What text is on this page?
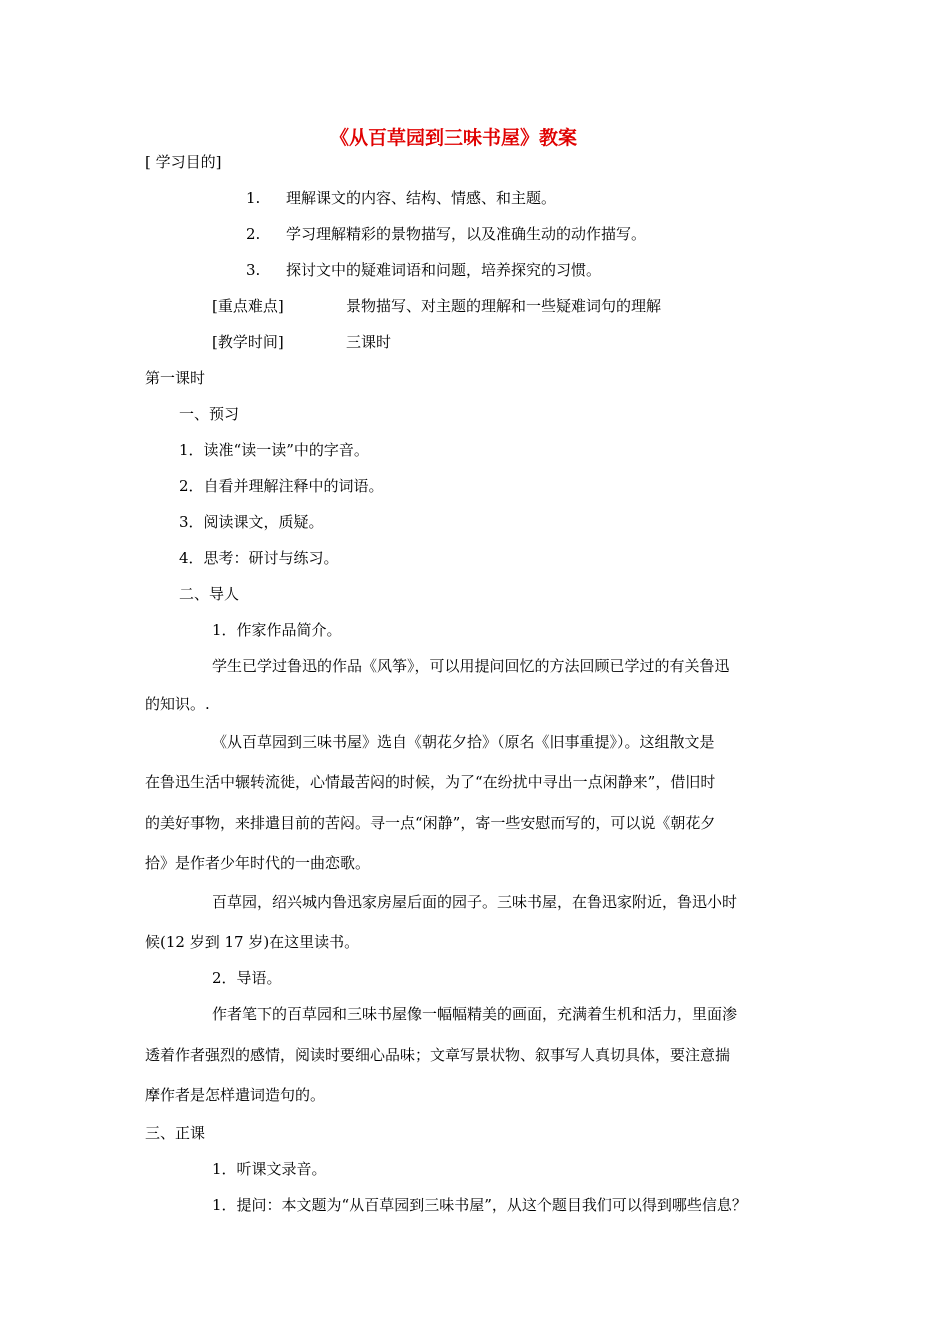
《从百草园到三味书屋》教案
[ 学习目的]
1. 理解课文的内容、结构、情感、和主题。
2. 学习理解精彩的景物描写，以及准确生动的动作描写。
3. 探讨文中的疑难词语和问题，培养探究的习惯。
[重点难点]	景物描写、对主题的理解和一些疑难词句的理解
[教学时间]	三课时
第一课时
一、预习
1．读准“读一读”中的字音。
2．自看并理解注释中的词语。
3．阅读课文，质疑。
4．思考：研讨与练习。
二、导人
1．作家作品简介。
学生已学过鲁迅的作品《风筝》，可以用提问回忆的方法回顾已学过的有关鲁迅
的知识。.
《从百草园到三味书屋》选自《朝花夕拾》（原名《旧事重提》）。这组散文是
在鲁迅生活中辗转流徙，心情最苦闷的时候，为了“在纷扰中寻出一点闲静来”，借旧时
的美好事物，来排遣目前的苦闷。寻一点“闲静”，寄一些安慰而写的，可以说《朝花夕
拾》是作者少年时代的一曲恋歌。
百草园，绍兴城内鲁迅家房屋后面的园子。三味书屋，在鲁迅家附近，鲁迅小时
候(12 岁到 17 岁)在这里读书。
2．导语。
作者笔下的百草园和三味书屋像一幅幅精美的画面，充满着生机和活力，里面渗
透着作者强烈的感情，阅读时要细心品味；文章写景状物、叙事写人真切具体，要注意揣
摩作者是怎样遣词造句的。
三、正课
1．听课文录音。
1．提问：本文题为“从百草园到三味书屋”，从这个题目我们可以得到哪些信息？
